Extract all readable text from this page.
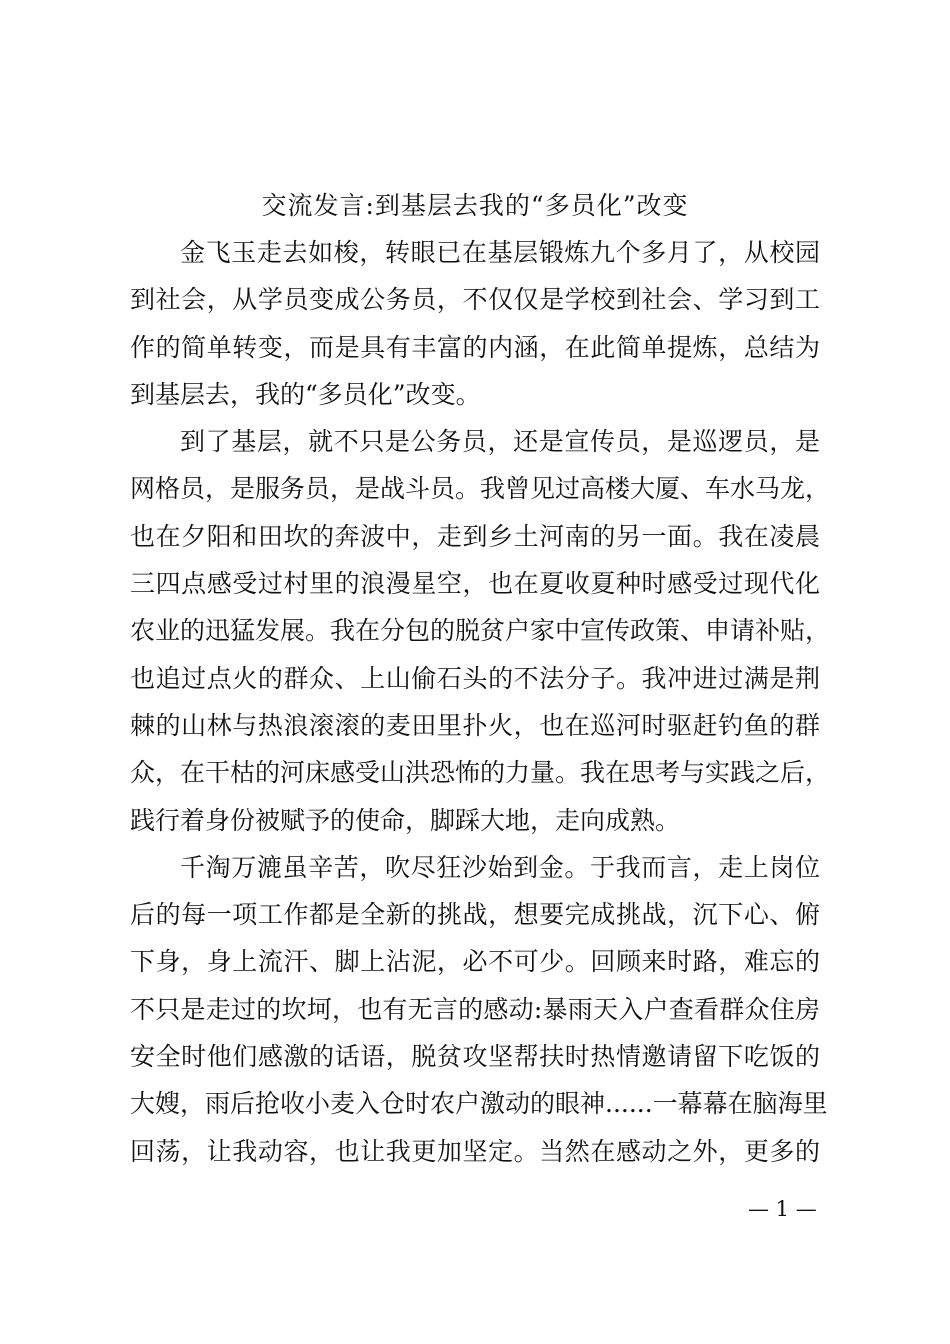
交流发言:到基层去我的“多员化”改变
金飞玉走去如梭，转眼已在基层锻炼九个多月了，从校园
到社会，从学员变成公务员，不仅仅是学校到社会、学习到工
作的简单转变，而是具有丰富的内涵，在此简单提炼，总结为
到基层去，我的“多员化”改变。
到了基层，就不只是公务员，还是宣传员，是巡逻员，是
网格员，是服务员，是战斗员。我曾见过高楼大厦、车水马龙，
也在夕阳和田坎的奔波中，走到乡土河南的另一面。我在凌晨
三四点感受过村里的浪漫星空，也在夏收夏种时感受过现代化
农业的迅猛发展。我在分包的脱贫户家中宣传政策、申请补贴，
也追过点火的群众、上山偷石头的不法分子。我冲进过满是荆
棘的山林与热浪滚滚的麦田里扑火，也在巡河时驱赶钓鱼的群
众，在干枯的河床感受山洪恐怖的力量。我在思考与实践之后，
践行着身份被赋予的使命，脚踩大地，走向成熟。
千淘万漉虽辛苦，吹尽狂沙始到金。于我而言，走上岗位
后的每一项工作都是全新的挑战，想要完成挑战，沉下心、俯
下身，身上流汗、脚上沾泥，必不可少。回顾来时路，难忘的
不只是走过的坎坷，也有无言的感动:暴雨天入户查看群众住房
安全时他们感激的话语，脱贫攻坚帮扶时热情邀请留下吃饭的
大嫂，雨后抢收小麦入仓时农户激动的眼神......一幕幕在脑海里
回荡，让我动容，也让我更加坚定。当然在感动之外，更多的
— 1 —
